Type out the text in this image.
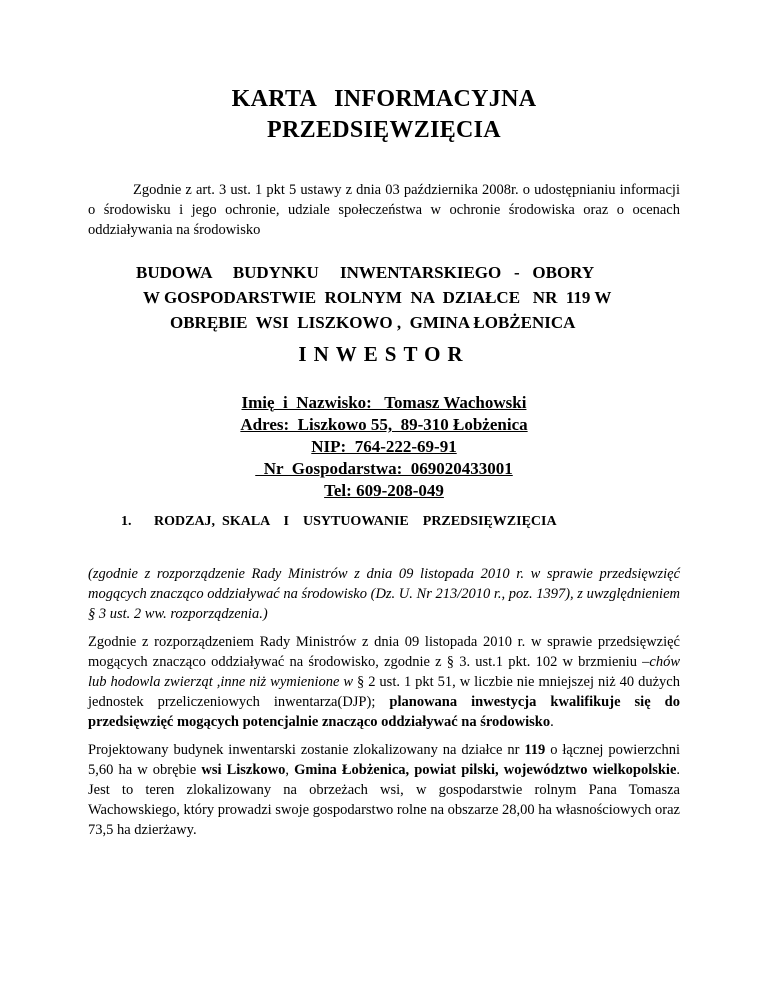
KARTA INFORMACYJNA
PRZEDSIĘWZIĘCIA
Zgodnie z art. 3 ust. 1 pkt 5 ustawy z dnia 03 października 2008r. o udostępnianiu informacji o środowisku i jego ochronie, udziale społeczeństwa w ochronie środowiska oraz o ocenach oddziaływania na środowisko
BUDOWA     BUDYNKU     INWENTARSKIEGO   -   OBORY
W GOSPODARSTWIE  ROLNYM  NA  DZIAŁCE   NR  119 W
OBRĘBIE  WSI  LISZKOWO ,  GMINA ŁOBŻENICA
INWESTOR
Imię  i  Nazwisko:   Tomasz Wachowski
Adres:  Liszkowo 55,  89-310 Łobżenica
NIP:  764-222-69-91
Nr  Gospodarstwa:  069020433001
Tel: 609-208-049
1. RODZAJ,  SKALA    I    USYTUOWANIE    PRZEDSIĘWZIĘCIA
(zgodnie z rozporządzenie Rady Ministrów z dnia 09 listopada 2010 r. w sprawie przedsięwzięć mogących znacząco oddziaływać na środowisko (Dz. U. Nr 213/2010 r., poz. 1397), z uwzględnieniem § 3 ust. 2 ww. rozporządzenia.)
Zgodnie z rozporządzeniem Rady Ministrów z dnia 09 listopada 2010 r. w sprawie przedsięwzięć mogących znacząco oddziaływać na środowisko, zgodnie z § 3. ust.1 pkt. 102 w brzmieniu –chów lub hodowla zwierząt ,inne niż wymienione w § 2 ust. 1 pkt 51, w liczbie nie mniejszej niż 40 dużych jednostek przeliczeniowych inwentarza(DJP); planowana inwestycja kwalifikuje się do przedsięwzięć mogących potencjalnie znacząco oddziaływać na środowisko.
Projektowany budynek inwentarski zostanie zlokalizowany na działce nr 119 o łącznej powierzchni 5,60 ha w obrębie wsi Liszkowo, Gmina Łobżenica, powiat pilski, województwo wielkopolskie. Jest to teren zlokalizowany na obrzeżach wsi, w gospodarstwie rolnym Pana Tomasza Wachowskiego, który prowadzi swoje gospodarstwo rolne na obszarze 28,00 ha własnościowych oraz 73,5 ha dzierżawy.
